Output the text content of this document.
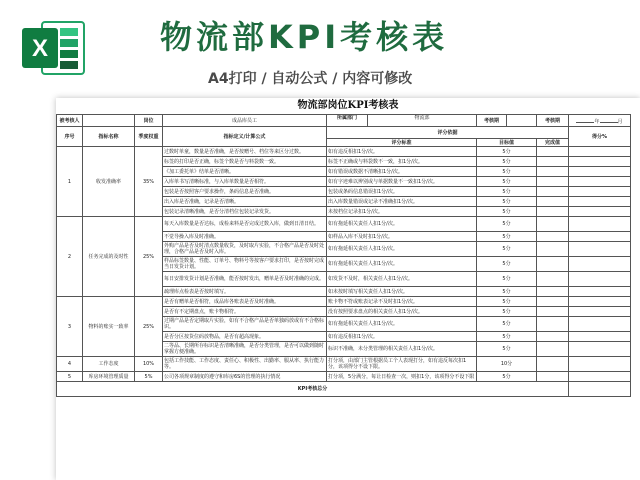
X	物流部KPI考核表
A4打印 / 自动公式 / 内容可修改
物流部岗位KPI考核表
被考核人		岗位	成品库员工	所属部门 物流部	考核期		考核期	年 月
序号	指标名称	季度权重	指标定义/计算公式	评分依据				得分%
				评分标准	目标值		完成值	
1	收发准确率	35%	过数时单童，数量是否准确，是否按赠号、档位等来区分过数。	如有违反相扣1分/次。	5分			
			标签的打印是否正确，标签个数是否与料袋数一致。	标签不正确或与料袋数不一致，扣1分/次。	5分			
			《加工委托单》结单是否清晰。	如有错误或数据不清晰扣1分/次。	5分			
			入库单书写清晰标准，与入库单数量是否相符。	如有字迹难以辨别或与单据数量不一致扣1分/次。	5分			
			包装是否按照客户要求操作，条码信息是否准确。	包装或条码信息错误扣1分/次。	5分			
			出入库是否准确，记录是否清晰。	出入库数量错误或记录不准确扣1分/次。	5分			
			包装记录清晰准确，是否分清档位包装记录发货。	未按档位记录扣1分/次。	5分			
2	任务完成的及时性	25%	每天入库数量是否达标，成检来料是否完成过数入库，做到日清日结。	如有拖延相关责任人扣1分/次。	5分			
			不觉导操入库及时准确。	如样品入库不及时扣1分/次。	5分			
			外购产品是否及时清点数量收货，及时取片实验，不合格产品是否及时处理，合格产品是否及时入库。	如有拖延相关责任人扣1分/次。	5分			
			样品标签数量、性能、订单号、物料号等按客户要求打印，是否按时完成当日发货计划。	如有拖延相关责任人扣1分/次。	5分			
			每日安排发货计划是否准确，能否按时发出，赠单是否及时准确的完成。	如发货不及时，相关责任人扣1分/次。	5分			
			疏理库点检表是否按时填写。	如未按时填写相关责任人扣1分/次。	5分			
3	物料的账实一致率	25%	是否有赠单是否相符，成品库各账表是否及时准确。	账卡物不符或账表记录不及时扣1分/次。	5分			
			是否有不定期盘点，账卡物相符。	没有按照要求盘点的相关责任人扣1分/次。	5分			
			过期产品是否定期取片实验，如有不合格产品是否单独码放或有不合格标识。	如有拖延相关责任人扣1分/次。	5分			
			是否分区按货位码放物品，是否有超高现象。	如有违反相扣1分/次。	5分			
			二等品、长期所存标识是否清晰准确，是否分类管理，是否可以做到随时掌握方便准确。	标识不准确，未分类管理的相关责任人扣1分/次。	5分			
4	工作态度	10%	包括工作技能、工作态度、责任心、积极性、出勤率、服从率、执行能力等。	打分项，由部门主管根据员工个人表现打分，如有违反每次扣1分，该项得分不设下限。	10分			
5	库房环境管理质量	5%	公司各项规章制度的遵守和库房6S的管理的执行情况	打分项，5分满分，每让日检查一次，则扣1分，该项得分不设下限	5分			
KPI考核总分								
